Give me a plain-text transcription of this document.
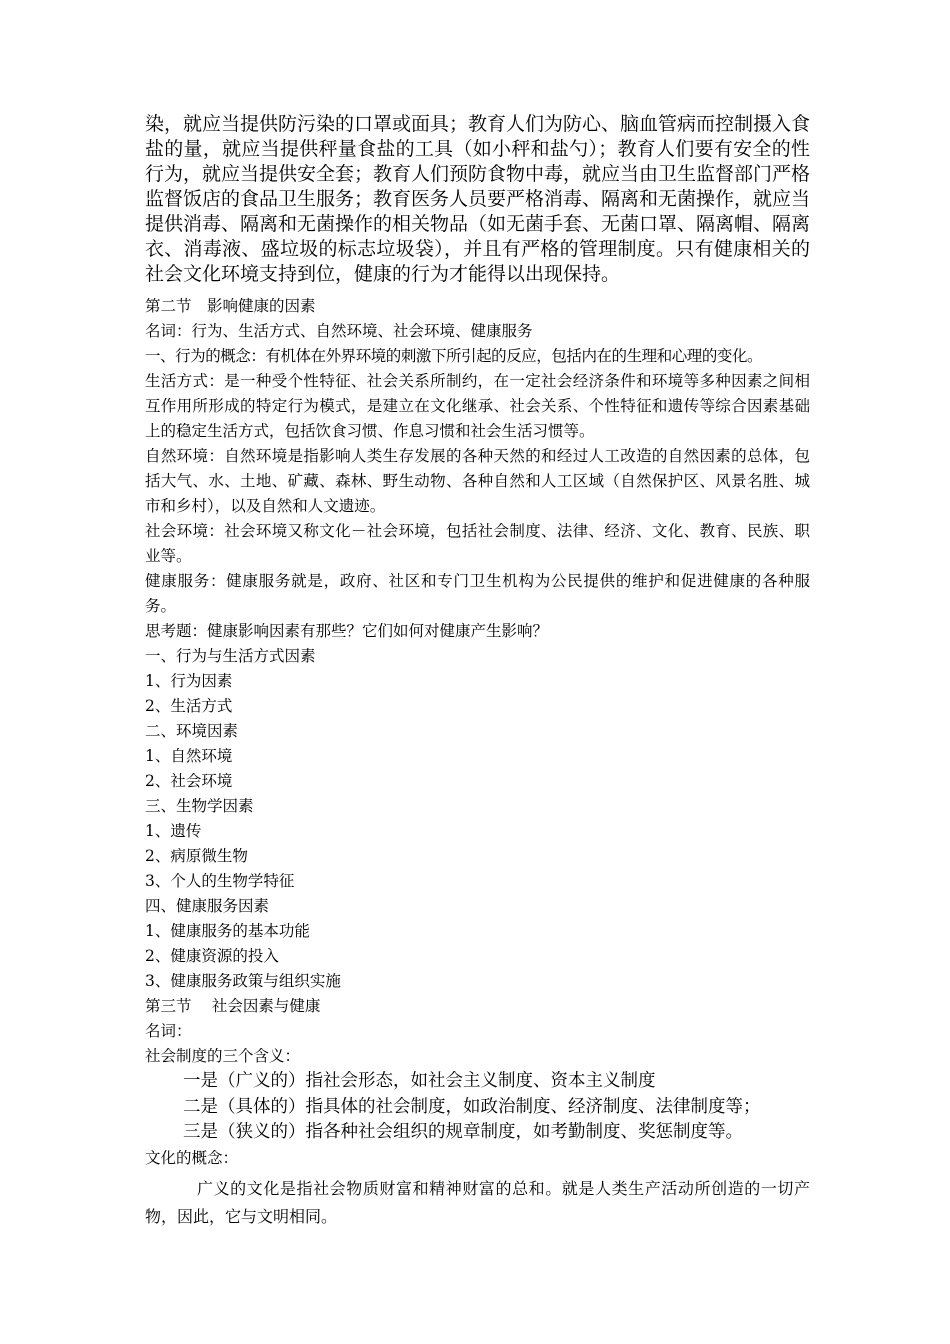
染，就应当提供防污染的口罩或面具；教育人们为防心、脑血管病而控制摄入食盐的量，就应当提供秤量食盐的工具（如小秤和盐勺）；教育人们要有安全的性行为，就应当提供安全套；教育人们预防食物中毒，就应当由卫生监督部门严格监督饭店的食品卫生服务；教育医务人员要严格消毒、隔离和无菌操作，就应当提供消毒、隔离和无菌操作的相关物品（如无菌手套、无菌口罩、隔离帽、隔离衣、消毒液、盛垃圾的标志垃圾袋），并且有严格的管理制度。只有健康相关的社会文化环境支持到位，健康的行为才能得以出现保持。

第二节　影响健康的因素

名词：行为、生活方式、自然环境、社会环境、健康服务

一、行为的概念：有机体在外界环境的刺激下所引起的反应，包括内在的生理和心理的变化。

生活方式：是一种受个性特征、社会关系所制约，在一定社会经济条件和环境等多种因素之间相互作用所形成的特定行为模式，是建立在文化继承、社会关系、个性特征和遗传等综合因素基础上的稳定生活方式，包括饮食习惯、作息习惯和社会生活习惯等。

自然环境：自然环境是指影响人类生存发展的各种天然的和经过人工改造的自然因素的总体，包括大气、水、土地、矿藏、森林、野生动物、各种自然和人工区域（自然保护区、风景名胜、城市和乡村），以及自然和人文遗迹。

社会环境：社会环境又称文化－社会环境，包括社会制度、法律、经济、文化、教育、民族、职业等。

健康服务：健康服务就是，政府、社区和专门卫生机构为公民提供的维护和促进健康的各种服务。

思考题：健康影响因素有那些？它们如何对健康产生影响？

一、行为与生活方式因素

1、行为因素

2、生活方式

二、环境因素

1、自然环境

2、社会环境

三、生物学因素

1、遗传

2、病原微生物

3、个人的生物学特征

四、健康服务因素

1、健康服务的基本功能

2、健康资源的投入

3、健康服务政策与组织实施

第三节　 社会因素与健康

名词：

社会制度的三个含义：

一是（广义的）指社会形态，如社会主义制度、资本主义制度

二是（具体的）指具体的社会制度，如政治制度、经济制度、法律制度等；

三是（狭义的）指各种社会组织的规章制度，如考勤制度、奖惩制度等。

文化的概念：

广义的文化是指社会物质财富和精神财富的总和。就是人类生产活动所创造的一切产物，因此，它与文明相同。
